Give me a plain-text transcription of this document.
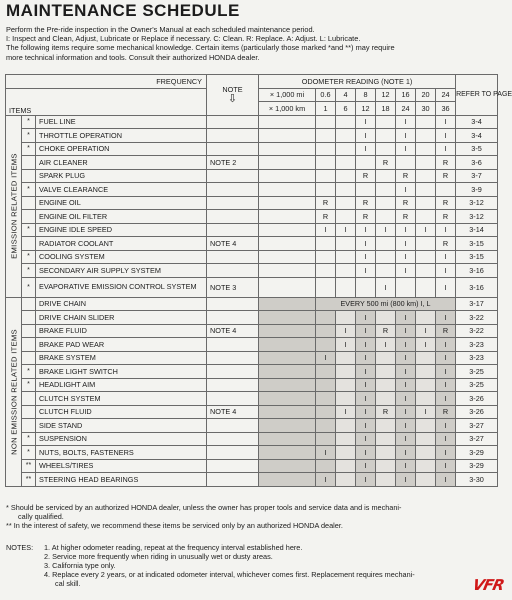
MAINTENANCE SCHEDULE
Perform the Pre-ride inspection in the Owner's Manual at each scheduled maintenance period.
I: Inspect and Clean, Adjust, Lubricate or Replace if necessary. C: Clean. R: Replace. A: Adjust. L: Lubricate.
The following items require some mechanical knowledge. Certain items (particularly those marked *and **) may require
more technical information and tools. Consult their authorized HONDA dealer.
FREQUENCY			NOTE
⇩	ODOMETER READING (NOTE 1)								REFER TO PAGE
ITEMS				× 1,000 mi	0.6	4	8	12	16	20	24	
				× 1,000 km	1	6	12	18	24	30	36	

EMISSION RELATED ITEMS	*	FUEL LINE					I		I		I	3-4
	*	THROTTLE OPERATION					I		I		I	3-4
	*	CHOKE OPERATION					I		I		I	3-5
		AIR CLEANER	NOTE 2					R			R	3-6
		SPARK PLUG					R		R		R	3-7
	*	VALVE CLEARANCE							I			3-9
		ENGINE OIL			R		R		R		R	3-12
		ENGINE OIL FILTER			R		R		R		R	3-12
	*	ENGINE IDLE SPEED			I	I	I	I	I	I	I	3-14
		RADIATOR COOLANT	NOTE 4				I		I		R	3-15
	*	COOLING SYSTEM					I		I		I	3-15
	*	SECONDARY AIR SUPPLY SYSTEM					I		I		I	3-16
	*	EVAPORATIVE EMISSION CONTROL SYSTEM	NOTE 3					I			I	3-16

NON EMISSION RELATED ITEMS		DRIVE CHAIN			EVERY 500 mi (800 km) I, L							3-17
		DRIVE CHAIN SLIDER					I		I		I	3-22
		BRAKE FLUID	NOTE 4			I	I	R	I	I	R	3-22
		BRAKE PAD WEAR				I	I	I	I	I	I	3-23
		BRAKE SYSTEM			I		I		I		I	3-23
	*	BRAKE LIGHT SWITCH					I		I		I	3-25
	*	HEADLIGHT AIM					I		I		I	3-25
		CLUTCH SYSTEM					I		I		I	3-26
		CLUTCH FLUID	NOTE 4			I	I	R	I	I	R	3-26
		SIDE STAND					I		I		I	3-27
	*	SUSPENSION					I		I		I	3-27
	*	NUTS, BOLTS, FASTENERS			I		I		I		I	3-29
	**	WHEELS/TIRES					I		I		I	3-29
	**	STEERING HEAD BEARINGS			I		I		I		I	3-30
* Should be serviced by an authorized HONDA dealer, unless the owner has proper tools and service data and is mechani-
cally qualified.
** In the interest of safety, we recommend these items be serviced only by an authorized HONDA dealer.
NOTES:	1. At higher odometer reading, repeat at the frequency interval established here.
2. Service more frequently when riding in unusually wet or dusty areas.
3. California type only.
4. Replace every 2 years, or at indicated odometer interval, whichever comes first. Replacement requires mechani-
cal skill.	VFR
